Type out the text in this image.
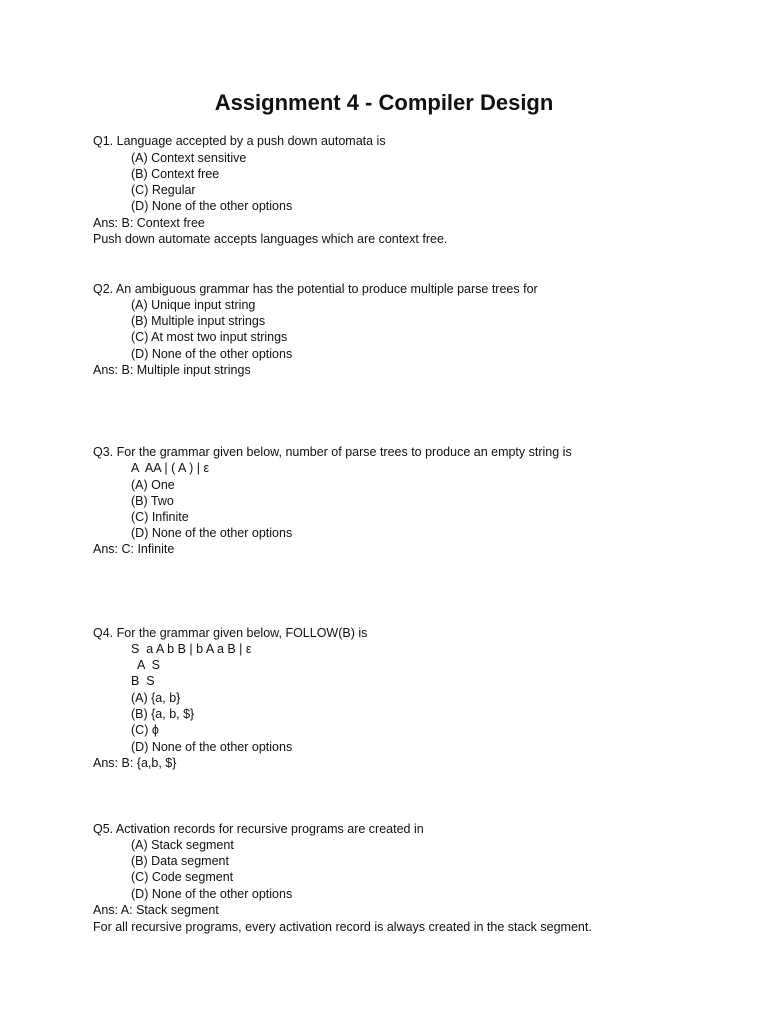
Assignment 4 - Compiler Design
Q1. Language accepted by a push down automata is
(A) Context sensitive
(B) Context free
(C) Regular
(D) None of the other options
Ans: B: Context free
Push down automate accepts languages which are context free.
Q2. An ambiguous grammar has the potential to produce multiple parse trees for
(A) Unique input string
(B) Multiple input strings
(C) At most two input strings
(D) None of the other options
Ans: B: Multiple input strings
Q3. For the grammar given below, number of parse trees to produce an empty string is
A  AA | ( A ) | ε
(A) One
(B) Two
(C) Infinite
(D) None of the other options
Ans: C: Infinite
Q4. For the grammar given below, FOLLOW(B) is
S  a A b B | b A a B | ε
A  S
B  S
(A) {a, b}
(B) {a, b, $}
(C) ϕ
(D) None of the other options
Ans: B: {a,b, $}
Q5. Activation records for recursive programs are created in
(A) Stack segment
(B) Data segment
(C) Code segment
(D) None of the other options
Ans: A: Stack segment
For all recursive programs, every activation record is always created in the stack segment.
